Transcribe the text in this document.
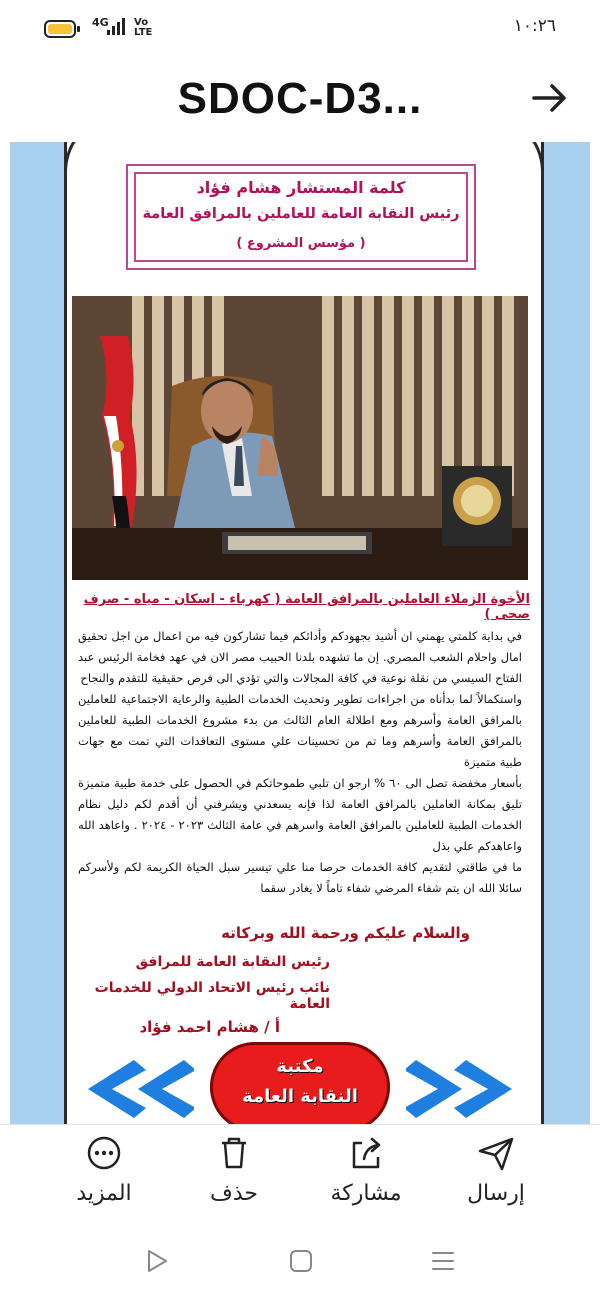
4G	Vo LTE	١٠:٢٦
SDOC-D3...
كلمة المستشار هشام فؤاد
رئيس النقابة العامة للعاملين بالمرافق العامة
( مؤسس المشروع )
الأخوة الزملاء العاملين بالمرافق العامة ( كهرباء - اسكان - مياه - صرف صحى )

في بداية كلمتي يهمني ان أشيد بجهودكم وأدائكم فيما تشاركون فيه من اعمال من اجل تحقيق امال واحلام الشعب المصري. إن ما تشهده بلدنا الحبيب مصر الان في عهد فخامة الرئيس عبد الفتاح السيسي من نقلة نوعية في كافة المجالات والتي تؤدي الى فرص حقيقية للتقدم والنجاح

واستكمالاً لما بدأناه من اجراءات تطوير وتحديث الخدمات الطبية والرعاية الاجتماعية للعاملين بالمرافق العامة وأسرهم ومع اطلالة العام الثالث من بدء مشروع الخدمات الطبية للعاملين بالمرافق العامة وأسرهم وما تم من تحسينات علي مستوى التعاقدات التي تمت مع جهات طبية متميزة

بأسعار مخفضة تصل الى ٦٠ % ارجو ان تلبي طموحاتكم في الحصول على خدمة طبية متميزة تليق بمكانة العاملين بالمرافق العامة لذا فإنه يسعدني ويشرفني أن أقدم لكم دليل نظام الخدمات الطبية للعاملين بالمرافق العامة واسرهم في عامة الثالث ٢٠٢٣ - ٢٠٢٤ . واعاهد الله واعاهدكم علي بذل

ما في طاقتي لتقديم كافة الخدمات حرصا منا علي تيسير سبل الحياة الكريمة لكم ولأسركم سائلا الله ان يتم شفاء المرضي شفاء تاماً لا يغادر سقما

والسلام عليكم ورحمة الله وبركاته
رئيس النقابة العامة للمرافق
نائب رئيس الاتحاد الدولي للخدمات العامة
أ / هشام احمد فؤاد
مكتبة
النقابة العامة
المزيد	حذف	مشاركة	إرسال
